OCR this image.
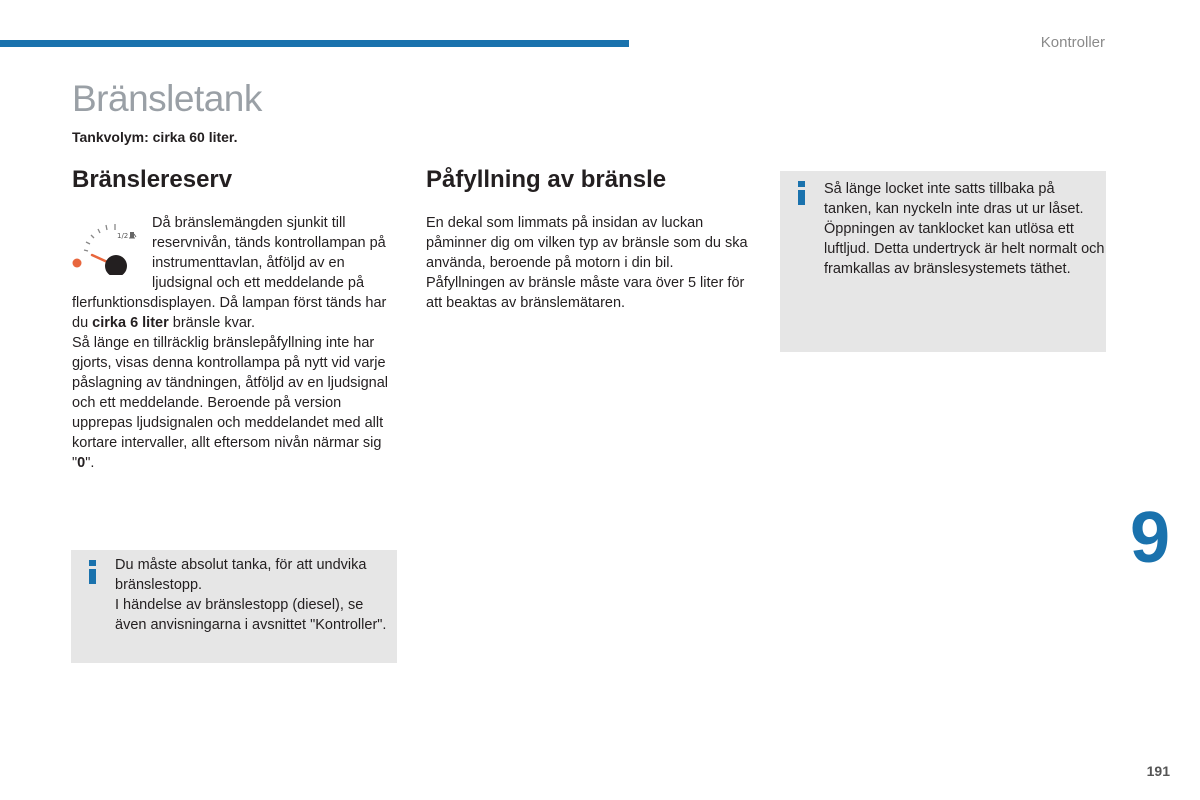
Kontroller
Bränsletank
Tankvolym: cirka 60 liter.
Bränslereserv	Påfyllning av bränsle
1/2
Då bränslemängden sjunkit till reservnivån, tänds kontrollampan på instrumenttavlan, åtföljd av en ljudsignal och ett meddelande på flerfunktionsdisplayen. Då lampan först tänds har du cirka 6 liter bränsle kvar.
Så länge en tillräcklig bränslepåfyllning inte har gjorts, visas denna kontrollampa på nytt vid varje påslagning av tändningen, åtföljd av en ljudsignal och ett meddelande. Beroende på version upprepas ljudsignalen och meddelandet med allt kortare intervaller, allt eftersom nivån närmar sig "0".
En dekal som limmats på insidan av luckan påminner dig om vilken typ av bränsle som du ska använda, beroende på motorn i din bil. Påfyllningen av bränsle måste vara över 5 liter för att beaktas av bränslemätaren.
Du måste absolut tanka, för att undvika bränslestopp.
I händelse av bränslestopp (diesel), se även anvisningarna i avsnittet "Kontroller".
Så länge locket inte satts tillbaka på tanken, kan nyckeln inte dras ut ur låset. Öppningen av tanklocket kan utlösa ett luftljud. Detta undertryck är helt normalt och framkallas av bränslesystemets täthet.
9
191
